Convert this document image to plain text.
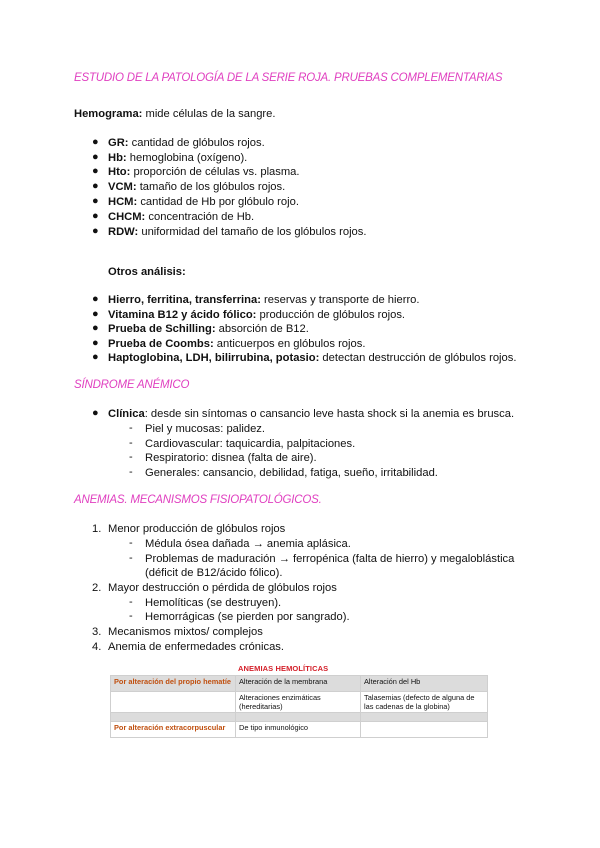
ESTUDIO DE LA PATOLOGÍA DE LA SERIE ROJA. PRUEBAS COMPLEMENTARIAS
Hemograma: mide células de la sangre.
● GR: cantidad de glóbulos rojos.
● Hb: hemoglobina (oxígeno).
● Hto: proporción de células vs. plasma.
● VCM: tamaño de los glóbulos rojos.
● HCM: cantidad de Hb por glóbulo rojo.
● CHCM: concentración de Hb.
● RDW: uniformidad del tamaño de los glóbulos rojos.
Otros análisis:
● Hierro, ferritina, transferrina: reservas y transporte de hierro.
● Vitamina B12 y ácido fólico: producción de glóbulos rojos.
● Prueba de Schilling: absorción de B12.
● Prueba de Coombs: anticuerpos en glóbulos rojos.
● Haptoglobina, LDH, bilirrubina, potasio: detectan destrucción de glóbulos rojos.
SÍNDROME ANÉMICO
● Clínica: desde sin síntomas o cansancio leve hasta shock si la anemia es brusca.
- Piel y mucosas: palidez.
- Cardiovascular: taquicardia, palpitaciones.
- Respiratorio: disnea (falta de aire).
- Generales: cansancio, debilidad, fatiga, sueño, irritabilidad.
ANEMIAS. MECANISMOS FISIOPATOLÓGICOS.
1. Menor producción de glóbulos rojos
- Médula ósea dañada → anemia aplásica.
- Problemas de maduración → ferropénica (falta de hierro) y megaloblástica
(déficit de B12/ácido fólico).
2. Mayor destrucción o pérdida de glóbulos rojos
- Hemolíticas (se destruyen).
- Hemorrágicas (se pierden por sangrado).
3. Mecanismos mixtos/ complejos
4. Anemia de enfermedades crónicas.
ANEMIAS HEMOLÍTICAS
Por alteración del propio hematíe	Alteración de la membrana	Alteración del Hb
	Alteraciones enzimáticas (hereditarias)	Talasemias (defecto de alguna de las cadenas de la globina)

Por alteración extracorpuscular	De tipo inmunológico	
